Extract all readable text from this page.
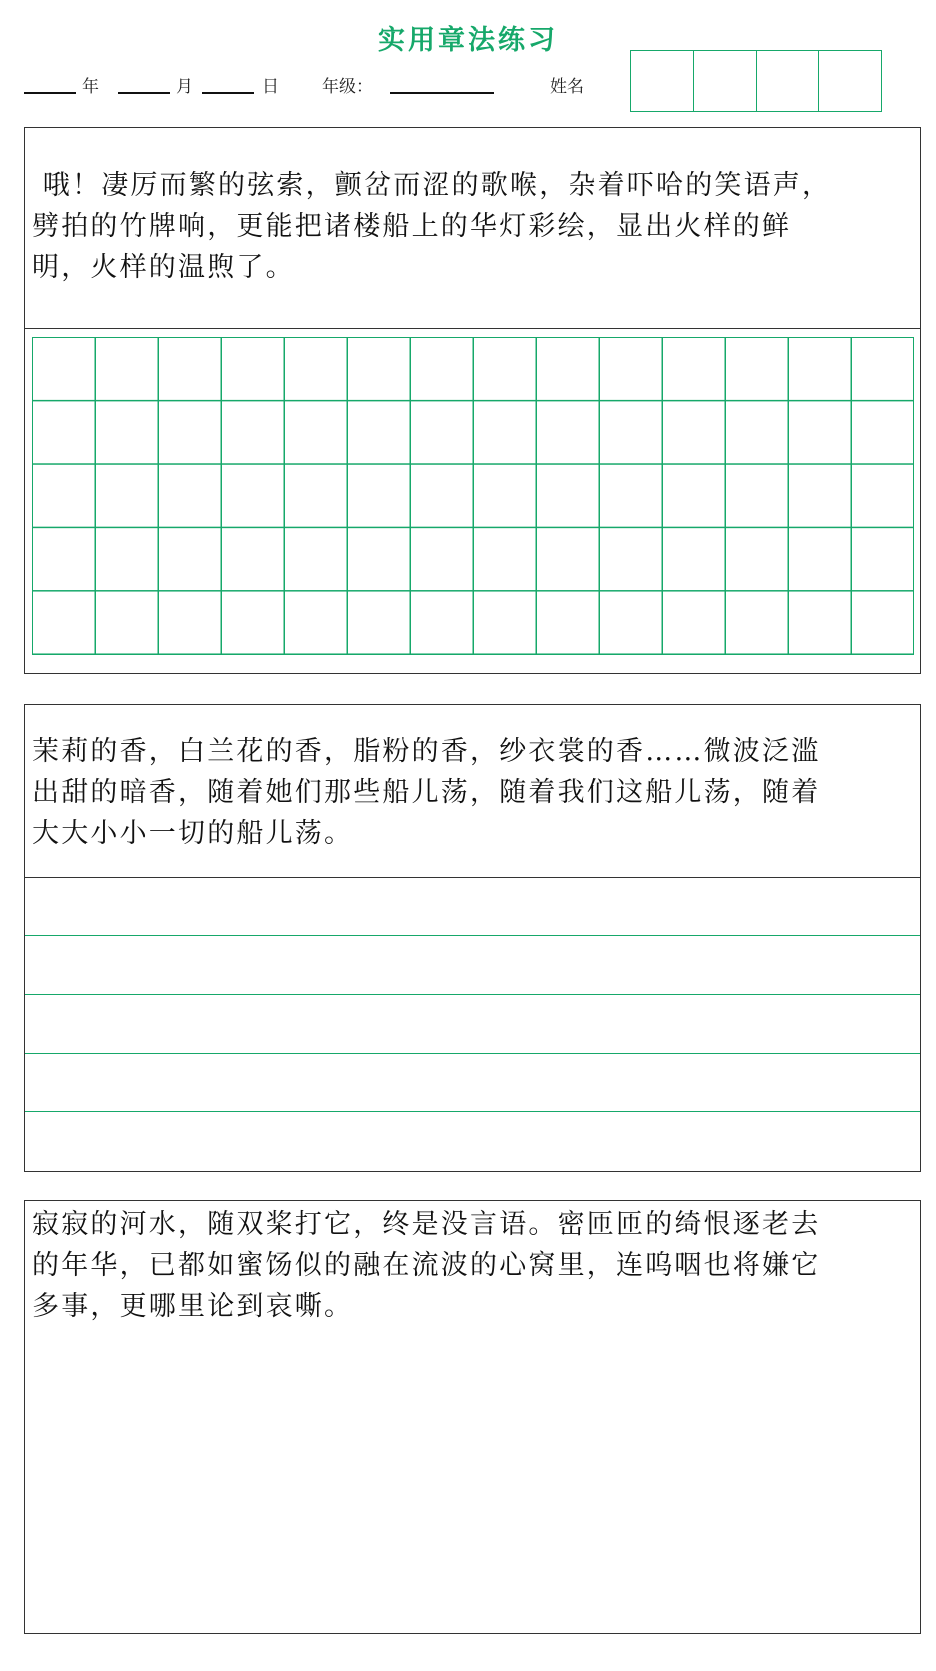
实用章法练习
年	月	日	年级：	姓名
哦！凄厉而繁的弦索，颤岔而涩的歌喉，杂着吓哈的笑语声，
劈拍的竹牌响，更能把诸楼船上的华灯彩绘，显出火样的鲜
明，火样的温煦了。
茉莉的香，白兰花的香，脂粉的香，纱衣裳的香……微波泛滥
出甜的暗香，随着她们那些船儿荡，随着我们这船儿荡，随着
大大小小一切的船儿荡。
寂寂的河水，随双桨打它，终是没言语。密匝匝的绮恨逐老去
的年华，已都如蜜饧似的融在流波的心窝里，连呜咽也将嫌它
多事，更哪里论到哀嘶。
